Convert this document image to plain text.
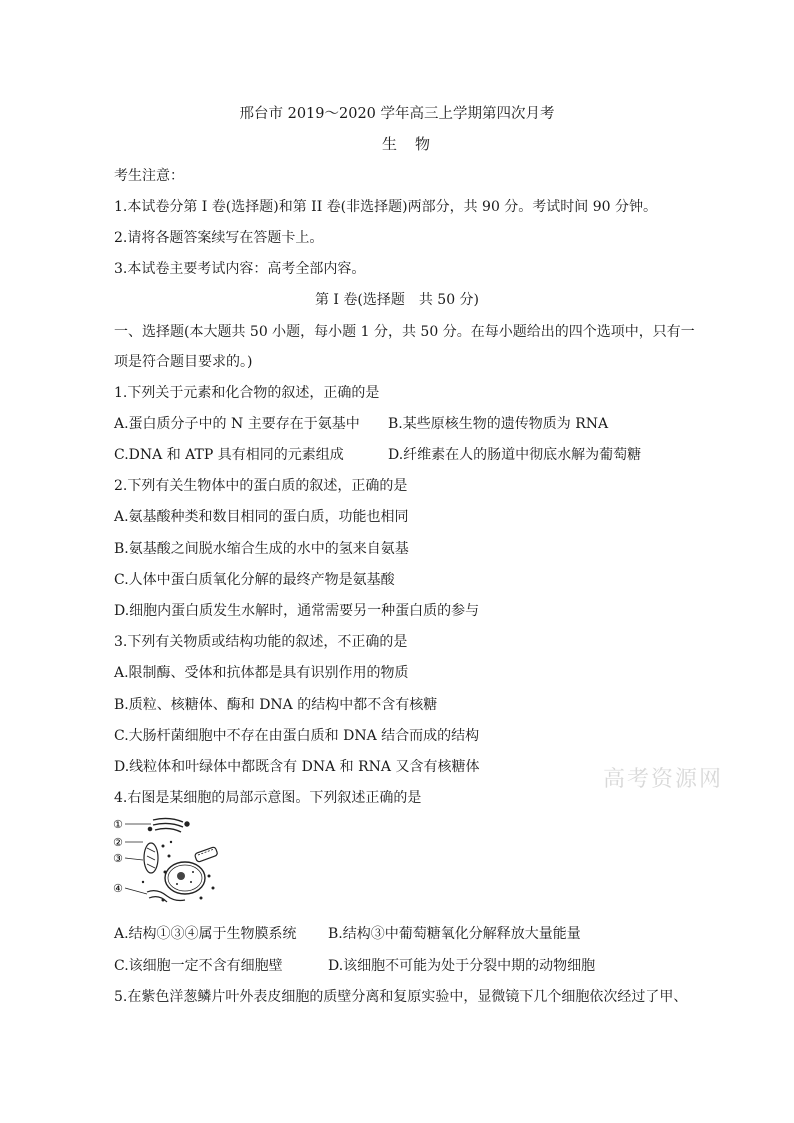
邢台市 2019～2020 学年高三上学期第四次月考
生物
考生注意：
1.本试卷分第 I 卷(选择题)和第 II 卷(非选择题)两部分，共 90 分。考试时间 90 分钟。
2.请将各题答案续写在答题卡上。
3.本试卷主要考试内容：高考全部内容。
第 I 卷(选择题　共 50 分)
一、选择题(本大题共 50 小题，每小题 1 分，共 50 分。在每小题给出的四个选项中，只有一
项是符合题目要求的。)
1.下列关于元素和化合物的叙述，正确的是
A.蛋白质分子中的 N 主要存在于氨基中 B.某些原核生物的遗传物质为 RNA
C.DNA 和 ATP 具有相同的元素组成	D.纤维素在人的肠道中彻底水解为葡萄糖
2.下列有关生物体中的蛋白质的叙述，正确的是
A.氨基酸种类和数目相同的蛋白质，功能也相同
B.氨基酸之间脱水缩合生成的水中的氢来自氨基
C.人体中蛋白质氧化分解的最终产物是氨基酸
D.细胞内蛋白质发生水解时，通常需要另一种蛋白质的参与
3.下列有关物质或结构功能的叙述，不正确的是
A.限制酶、受体和抗体都是具有识别作用的物质
B.质粒、核糖体、酶和 DNA 的结构中都不含有核糖
C.大肠杆菌细胞中不存在由蛋白质和 DNA 结合而成的结构
D.线粒体和叶绿体中都既含有 DNA 和 RNA 又含有核糖体	高考资源网
4.右图是某细胞的局部示意图。下列叙述正确的是
①
②
③
④
A.结构①③④属于生物膜系统 B.结构③中葡萄糖氧化分解释放大量能量
C.该细胞一定不含有细胞壁	D.该细胞不可能为处于分裂中期的动物细胞
5.在紫色洋葱鳞片叶外表皮细胞的质壁分离和复原实验中，显微镜下几个细胞依次经过了甲、
